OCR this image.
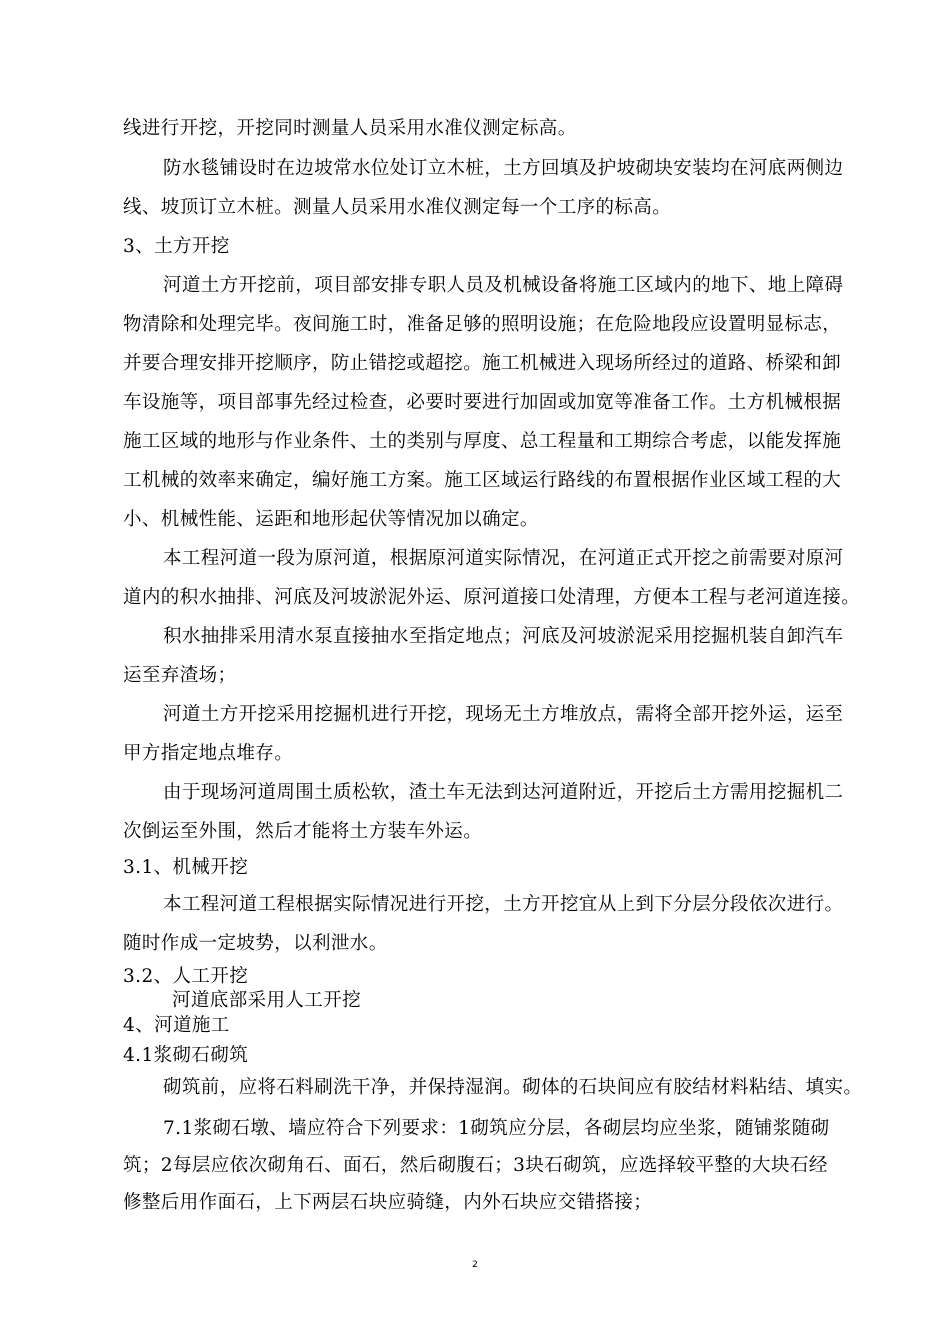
线进行开挖，开挖同时测量人员采用水准仪测定标高。
防水毯铺设时在边坡常水位处订立木桩，土方回填及护坡砌块安装均在河底两侧边
线、坡顶订立木桩。测量人员采用水准仪测定每一个工序的标高。
3、土方开挖
河道土方开挖前，项目部安排专职人员及机械设备将施工区域内的地下、地上障碍
物清除和处理完毕。夜间施工时，准备足够的照明设施；在危险地段应设置明显标志，
并要合理安排开挖顺序，防止错挖或超挖。施工机械进入现场所经过的道路、桥梁和卸
车设施等，项目部事先经过检查，必要时要进行加固或加宽等准备工作。土方机械根据
施工区域的地形与作业条件、土的类别与厚度、总工程量和工期综合考虑，以能发挥施
工机械的效率来确定，编好施工方案。施工区域运行路线的布置根据作业区域工程的大
小、机械性能、运距和地形起伏等情况加以确定。
本工程河道一段为原河道，根据原河道实际情况，在河道正式开挖之前需要对原河
道内的积水抽排、河底及河坡淤泥外运、原河道接口处清理，方便本工程与老河道连接。
积水抽排采用清水泵直接抽水至指定地点；河底及河坡淤泥采用挖掘机装自卸汽车
运至弃渣场；
河道土方开挖采用挖掘机进行开挖，现场无土方堆放点，需将全部开挖外运，运至
甲方指定地点堆存。
由于现场河道周围土质松软，渣土车无法到达河道附近，开挖后土方需用挖掘机二
次倒运至外围，然后才能将土方装车外运。
3.1、机械开挖
本工程河道工程根据实际情况进行开挖，土方开挖宜从上到下分层分段依次进行。
随时作成一定坡势，以利泄水。
3.2、人工开挖
河道底部采用人工开挖
4、河道施工
4.1浆砌石砌筑
砌筑前，应将石料刷洗干净，并保持湿润。砌体的石块间应有胶结材料粘结、填实。
7.1浆砌石墩、墙应符合下列要求：1砌筑应分层，各砌层均应坐浆，随铺浆随砌
筑；2每层应依次砌角石、面石，然后砌腹石；3块石砌筑，应选择较平整的大块石经
修整后用作面石，上下两层石块应骑缝，内外石块应交错搭接；
2
